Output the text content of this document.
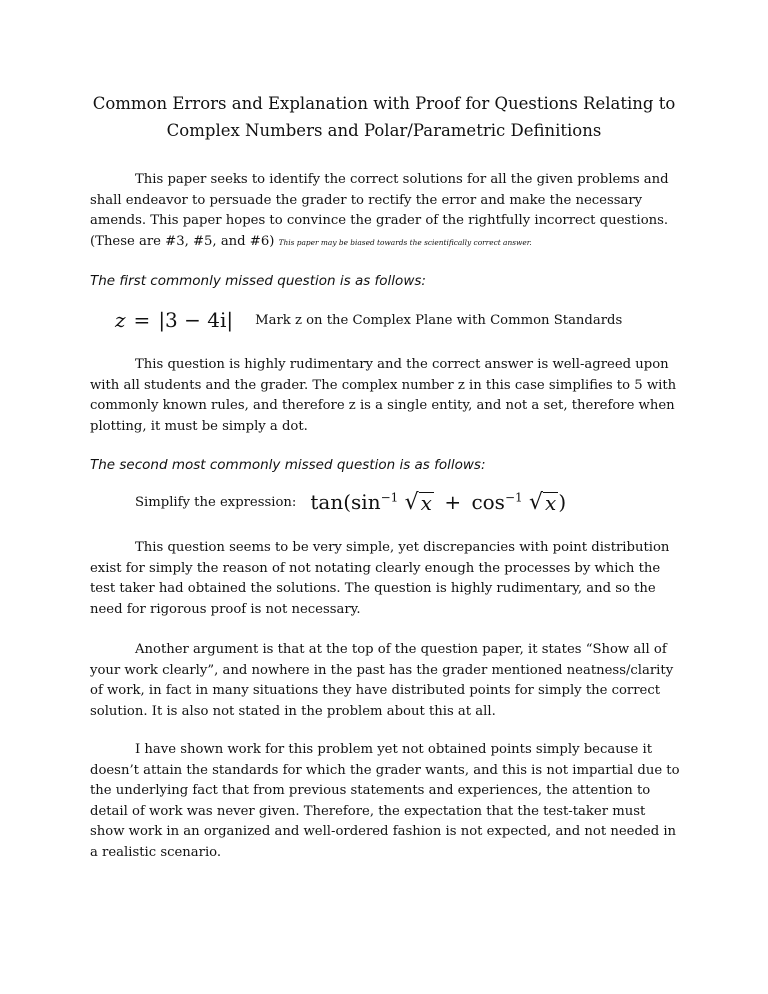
Common Errors and Explanation with Proof for Questions Relating to Complex Numbers and Polar/Parametric Definitions

This paper seeks to identify the correct solutions for all the given problems and shall endeavor to persuade the grader to rectify the error and make the necessary amends. This paper hopes to convince the grader of the rightfully incorrect questions. (These are #3, #5, and #6) This paper may be biased towards the scientifically correct answer.

The first commonly missed question is as follows:
z = |3 − 4i| Mark z on the Complex Plane with Common Standards

This question is highly rudimentary and the correct answer is well-agreed upon with all students and the grader. The complex number z in this case simplifies to 5 with commonly known rules, and therefore z is a single entity, and not a set, therefore when plotting, it must be simply a dot.

The second most commonly missed question is as follows:
Simplify the expression: $\tan(\sin^{-1}$ √ $x + \cos^{-1}$ √ x )

This question seems to be very simple, yet discrepancies with point distribution exist for simply the reason of not notating clearly enough the processes by which the test taker had obtained the solutions. The question is highly rudimentary, and so the need for rigorous proof is not necessary.

Another argument is that at the top of the question paper, it states “Show all of your work clearly”, and nowhere in the past has the grader mentioned neatness/clarity of work, in fact in many situations they have distributed points for simply the correct solution. It is also not stated in the problem about this at all.

I have shown work for this problem yet not obtained points simply because it doesn’t attain the standards for which the grader wants, and this is not impartial due to the underlying fact that from previous statements and experiences, the attention to detail of work was never given. Therefore, the expectation that the test-taker must show work in an organized and well-ordered fashion is not expected, and not needed in a realistic scenario.
